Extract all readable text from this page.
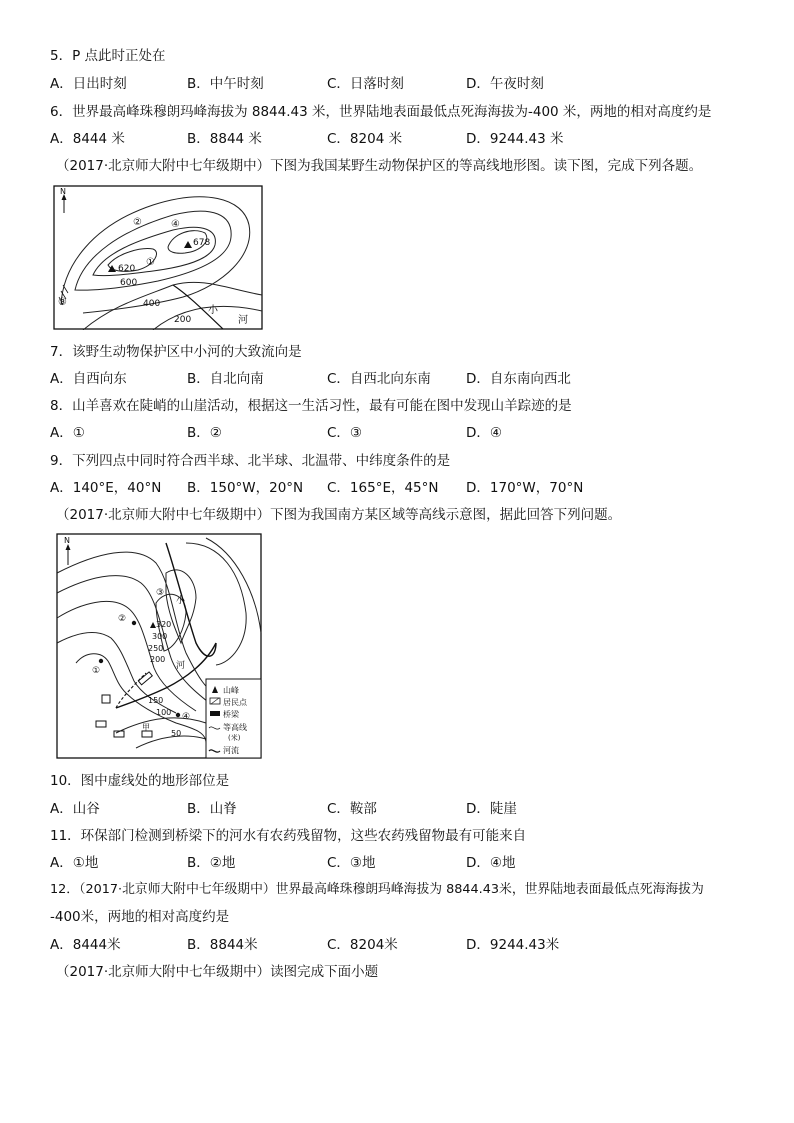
5．P 点此时正处在
A．日出时刻	B．中午时刻	C．日落时刻	D．午夜时刻
6．世界最高峰珠穆朗玛峰海拔为 8844.43 米，世界陆地表面最低点死海海拔为-400 米，两地的相对高度约是
A．8444 米	B．8844 米	C．8204 米	D．9244.43 米
（2017·北京师大附中七年级期中）下图为我国某野生动物保护区的等高线地形图。读下图，完成下列各题。
N
620
678
600
400
200
小
河
②
①
④
③
7．该野生动物保护区中小河的大致流向是
A．自西向东	B．自北向南	C．自西北向东南	D．自东南向西北
8．山羊喜欢在陡峭的山崖活动，根据这一生活习性，最有可能在图中发现山羊踪迹的是
A．①	B．②	C．③	D．④
9．下列四点中同时符合西半球、北半球、北温带、中纬度条件的是
A．140°E，40°N B．150°W，20°N C．165°E，45°N D．170°W，70°N
（2017·北京师大附中七年级期中）下图为我国南方某区域等高线示意图，据此回答下列问题。
N
320
300
250
200
150
100
50
甲
小
河
③
②
①
④
山峰
居民点
桥梁
等高线
(米)
河流
10．图中虚线处的地形部位是
A．山谷	B．山脊	C．鞍部	D．陡崖
11．环保部门检测到桥梁下的河水有农药残留物，这些农药残留物最有可能来自
A．①地	B．②地	C．③地	D．④地
12．（2017·北京师大附中七年级期中）世界最高峰珠穆朗玛峰海拔为 8844.43米，世界陆地表面最低点死海海拔为
-400米，两地的相对高度约是
A．8444米	B．8844米	C．8204米	D．9244.43米
（2017·北京师大附中七年级期中）读图完成下面小题
